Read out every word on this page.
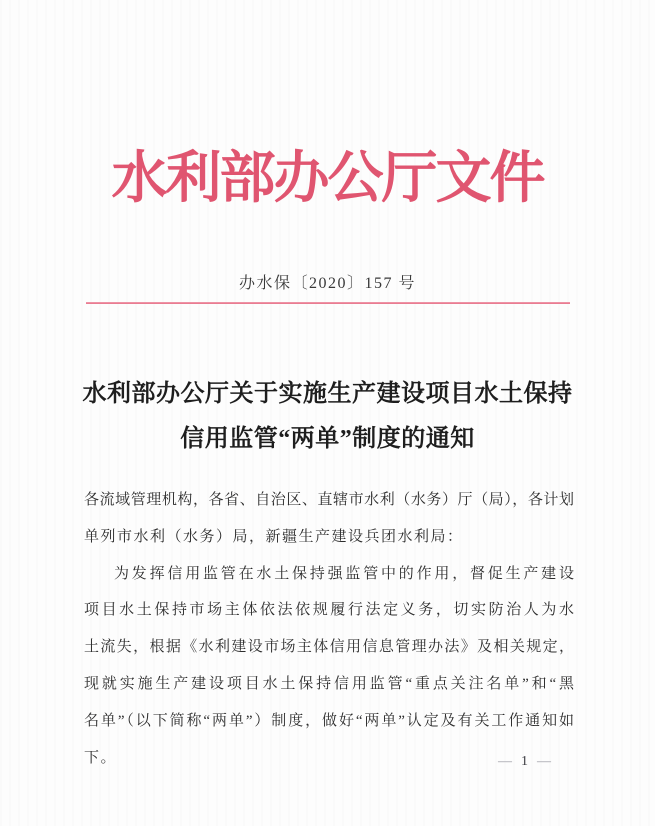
水利部办公厅文件
办水保〔2020〕157 号
水利部办公厅关于实施生产建设项目水土保持
信用监管“两单”制度的通知
各流域管理机构，各省、自治区、直辖市水利（水务）厅（局），各计划
单列市水利（水务）局，新疆生产建设兵团水利局：
为发挥信用监管在水土保持强监管中的作用，督促生产建设
项目水土保持市场主体依法依规履行法定义务，切实防治人为水
土流失，根据《水利建设市场主体信用信息管理办法》及相关规定，
现就实施生产建设项目水土保持信用监管“重点关注名单”和“黑
名单”（以下简称“两单”）制度，做好“两单”认定及有关工作通知如
下。	— 1 —
